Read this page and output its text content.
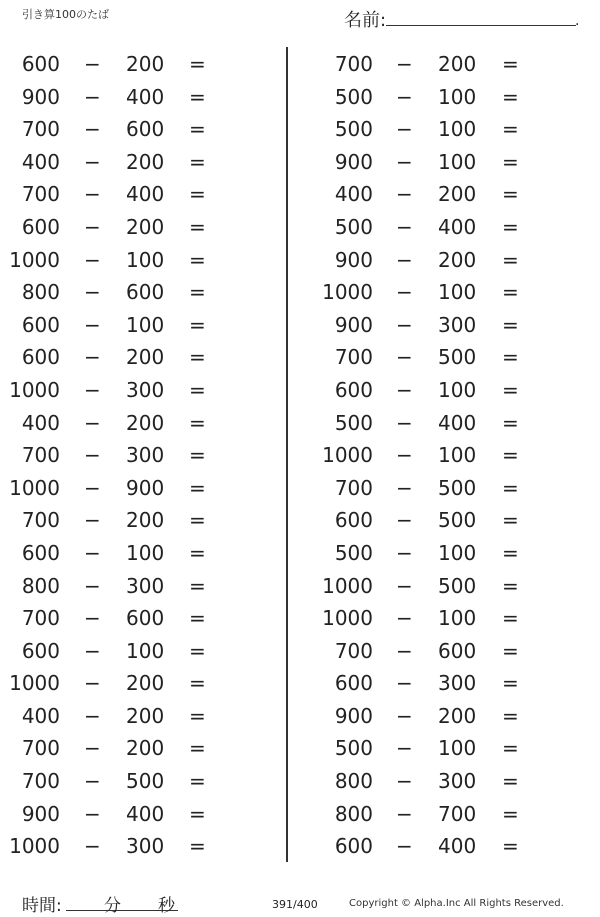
引き算100のたば	名前:	.
600 − 200 =
900 − 400 =
700 − 600 =
400 − 200 =
700 − 400 =
600 − 200 =
1000 − 100 =
800 − 600 =
600 − 100 =
600 − 200 =
1000 − 300 =
400 − 200 =
700 − 300 =
1000 − 900 =
700 − 200 =
600 − 100 =
800 − 300 =
700 − 600 =
600 − 100 =
1000 − 200 =
400 − 200 =
700 − 200 =
700 − 500 =
900 − 400 =
1000 − 300 =
700 − 200 =
500 − 100 =
500 − 100 =
900 − 100 =
400 − 200 =
500 − 400 =
900 − 200 =
1000 − 100 =
900 − 300 =
700 − 500 =
600 − 100 =
500 − 400 =
1000 − 100 =
700 − 500 =
600 − 500 =
500 − 100 =
1000 − 500 =
1000 − 100 =
700 − 600 =
600 − 300 =
900 − 200 =
500 − 100 =
800 − 300 =
800 − 700 =
600 − 400 =
時間: 分 秒	391/400	Copyright © Alpha.Inc All Rights Reserved.
